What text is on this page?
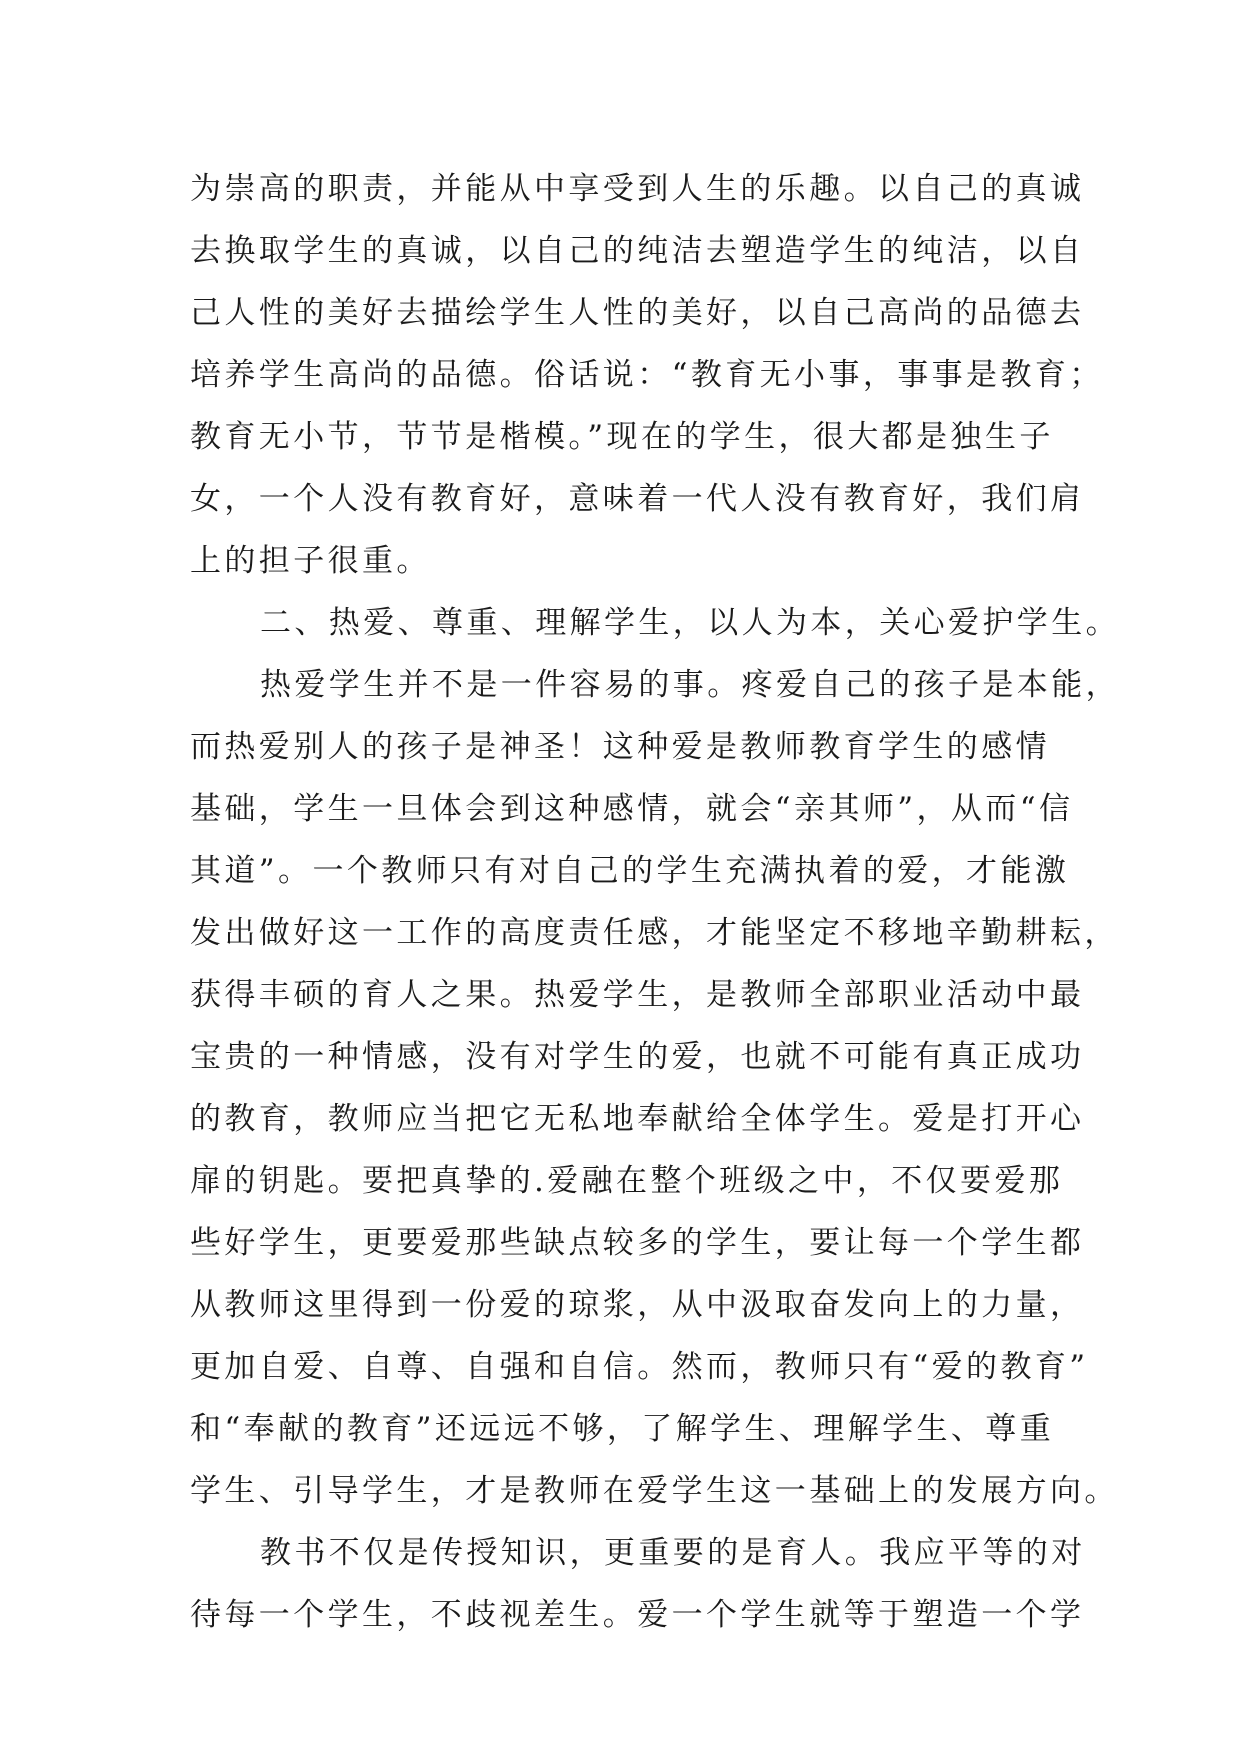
为崇高的职责，并能从中享受到人生的乐趣。以自己的真诚
去换取学生的真诚，以自己的纯洁去塑造学生的纯洁，以自
己人性的美好去描绘学生人性的美好，以自己高尚的品德去
培养学生高尚的品德。俗话说：“教育无小事，事事是教育；
教育无小节，节节是楷模。”现在的学生，很大都是独生子
女，一个人没有教育好，意味着一代人没有教育好，我们肩
上的担子很重。
二、热爱、尊重、理解学生，以人为本，关心爱护学生。
热爱学生并不是一件容易的事。疼爱自己的孩子是本能，
而热爱别人的孩子是神圣！这种爱是教师教育学生的感情
基础，学生一旦体会到这种感情，就会“亲其师”，从而“信
其道”。一个教师只有对自己的学生充满执着的爱，才能激
发出做好这一工作的高度责任感，才能坚定不移地辛勤耕耘，
获得丰硕的育人之果。热爱学生，是教师全部职业活动中最
宝贵的一种情感，没有对学生的爱，也就不可能有真正成功
的教育，教师应当把它无私地奉献给全体学生。爱是打开心
扉的钥匙。要把真挚的.爱融在整个班级之中，不仅要爱那
些好学生，更要爱那些缺点较多的学生，要让每一个学生都
从教师这里得到一份爱的琼浆，从中汲取奋发向上的力量，
更加自爱、自尊、自强和自信。然而，教师只有“爱的教育”
和“奉献的教育”还远远不够，了解学生、理解学生、尊重
学生、引导学生，才是教师在爱学生这一基础上的发展方向。
教书不仅是传授知识，更重要的是育人。我应平等的对
待每一个学生，不歧视差生。爱一个学生就等于塑造一个学
